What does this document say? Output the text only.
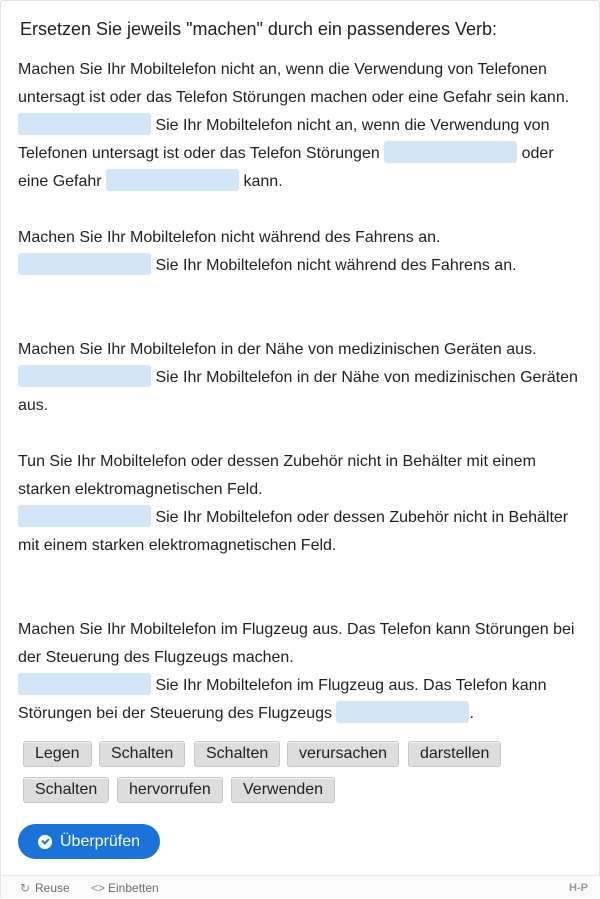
Ersetzen Sie jeweils "machen" durch ein passenderes Verb:

Machen Sie Ihr Mobiltelefon nicht an, wenn die Verwendung von Telefonen untersagt ist oder das Telefon Störungen machen oder eine Gefahr sein kann.

Sie Ihr Mobiltelefon nicht an, wenn die Verwendung von Telefonen untersagt ist oder das Telefon Störungen	oder eine Gefahr	kann.

Machen Sie Ihr Mobiltelefon nicht während des Fahrens an.

Sie Ihr Mobiltelefon nicht während des Fahrens an.

Machen Sie Ihr Mobiltelefon in der Nähe von medizinischen Geräten aus.

Sie Ihr Mobiltelefon in der Nähe von medizinischen Geräten aus.

Tun Sie Ihr Mobiltelefon oder dessen Zubehör nicht in Behälter mit einem starken elektromagnetischen Feld.

Sie Ihr Mobiltelefon oder dessen Zubehör nicht in Behälter mit einem starken elektromagnetischen Feld.

Machen Sie Ihr Mobiltelefon im Flugzeug aus. Das Telefon kann Störungen bei der Steuerung des Flugzeugs machen.

Sie Ihr Mobiltelefon im Flugzeug aus. Das Telefon kann Störungen bei der Steuerung des Flugzeugs	.

Legen	Schalten	Schalten	verursachen	darstellen
Schalten	hervorrufen	Verwenden
Überprüfen
↻ Reuse <> Einbetten	H-P
